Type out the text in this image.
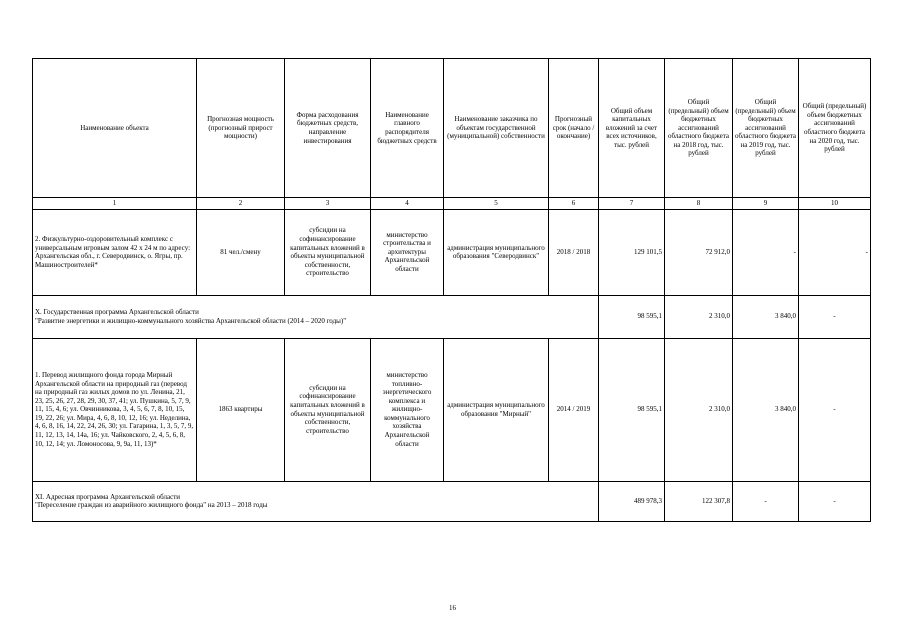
Наименование объекта	Прогнозная мощность (прогнозный прирост мощности)	Форма расходования бюджетных средств, направление инвестирования	Наименование главного распорядителя бюджетных средств	Наименование заказчика по объектам государственной (муниципальной) собственности	Прогнозный срок (начало / окончание)	Общий объем капитальных вложений за счет всех источников, тыс. рублей	Общий (предельный) объем бюджетных ассигнований областного бюджета на 2018 год, тыс. рублей	Общий (предельный) объем бюджетных ассигнований областного бюджета на 2019 год, тыс. рублей	Общий (предельный) объем бюджетных ассигнований областного бюджета на 2020 год, тыс. рублей
1	2	3	4	5	6	7	8	9	10
2. Физкультурно-оздоровительный комплекс с универсальным игровым залом 42 x 24 м по адресу: Архангельская обл., г. Северодвинск, о. Ягры, пр. Машиностроителей*	81 чел./смену	субсидии на софинансирование капитальных вложений в объекты муниципальной собственности, строительство	министерство строительства и архитектуры Архангельской области	администрация муниципального образования "Северодвинск"	2018 / 2018	129 101,5	72 912,0	-	-

X. Государственная программа Архангельской области
"Развитие энергетики и жилищно-коммунального хозяйства Архангельской области (2014 – 2020 годы)"						98 595,1	2 310,0	3 840,0	-
1. Перевод жилищного фонда города Мирный Архангельской области на природный газ (перевод на природный газ жилых домов по ул. Ленина, 21, 23, 25, 26, 27, 28, 29, 30, 37, 41; ул. Пушкина, 5, 7, 9, 11, 15, 4, 6; ул. Овчинникова, 3, 4, 5, 6, 7, 8, 10, 15, 19, 22, 26; ул. Мира, 4, 6, 8, 10, 12, 16; ул. Неделина, 4, 6, 8, 16, 14, 22, 24, 26, 30; ул. Гагарина, 1, 3, 5, 7, 9, 11, 12, 13, 14, 14а, 16; ул. Чайковского, 2, 4, 5, 6, 8, 10, 12, 14; ул. Ломоносова, 9, 9а, 11, 13)*	1863 квартиры	субсидии на софинансирование капитальных вложений в объекты муниципальной собственности, строительство	министерство топливно-энергетического комплекса и жилищно-коммунального хозяйства Архангельской области	администрация муниципального образования "Мирный"	2014 / 2019	98 595,1	2 310,0	3 840,0	-

XI. Адресная программа Архангельской области
"Переселение граждан из аварийного жилищного фонда" на 2013 – 2018 годы						489 978,3	122 307,8	-	-
16
